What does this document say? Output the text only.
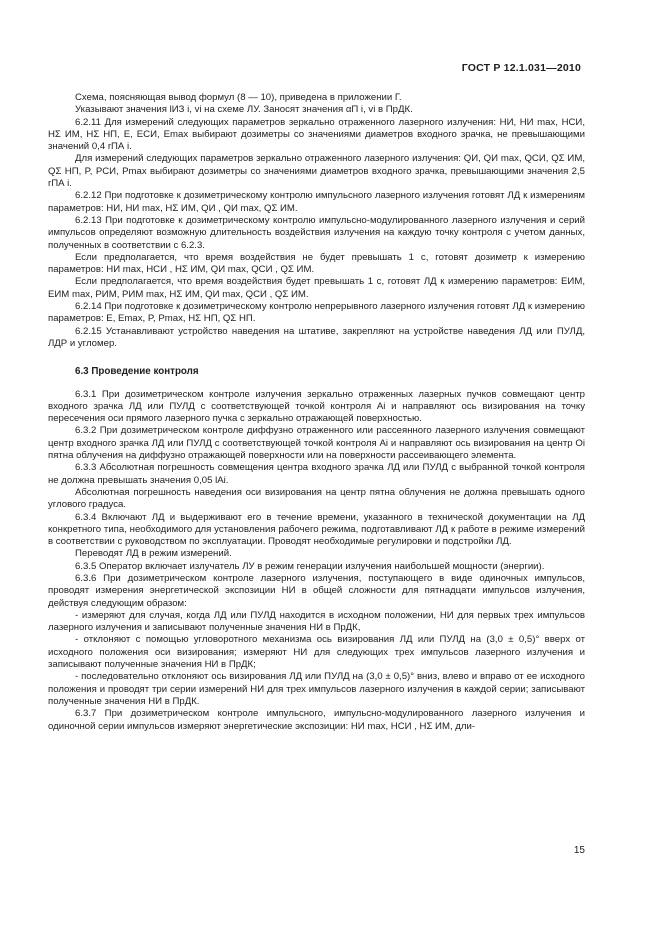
ГОСТ Р 12.1.031—2010

Схема, поясняющая вывод формул (8 — 10), приведена в приложении Г.

Указывают значения lИЗ i, vi на схеме ЛУ. Заносят значения αП i, vi в ПрДК.

6.2.11 Для измерений следующих параметров зеркально отраженного лазерного излучения: HИ, HИ max, HСИ, HΣ ИМ, HΣ НП, E, EСИ, Emax выбирают дозиметры со значениями диаметров входного зрачка, не превышающими значений 0,4 rПА i.

Для измерений следующих параметров зеркально отраженного лазерного излучения: QИ, QИ max, QСИ, QΣ ИМ, QΣ НП, P, PСИ, Pmax выбирают дозиметры со значениями диаметров входного зрачка, превышающими значения 2,5 rПА i.

6.2.12 При подготовке к дозиметрическому контролю импульсного лазерного излучения готовят ЛД к измерениям параметров: HИ, HИ max, HΣ ИМ, QИ , QИ max, QΣ ИМ.

6.2.13 При подготовке к дозиметрическому контролю импульсно-модулированного лазерного излучения и серий импульсов определяют возможную длительность воздействия излучения на каждую точку контроля с учетом данных, полученных в соответствии с 6.2.3.

Если предполагается, что время воздействия не будет превышать 1 с, готовят дозиметр к измерению параметров: HИ max, HСИ , HΣ ИМ, QИ max, QСИ , QΣ ИМ.

Если предполагается, что время воздействия будет превышать 1 с, готовят ЛД к измерению параметров: EИМ, EИМ max, PИМ, PИМ max, HΣ ИМ, QИ max, QСИ , QΣ ИМ.

6.2.14 При подготовке к дозиметрическому контролю непрерывного лазерного излучения готовят ЛД к измерению параметров: E, Emax, P, Pmax, HΣ НП, QΣ НП.

6.2.15 Устанавливают устройство наведения на штативе, закрепляют на устройстве наведения ЛД или ПУЛД, ЛДР и угломер.

6.3 Проведение контроля

6.3.1 При дозиметрическом контроле излучения зеркально отраженных лазерных пучков совмещают центр входного зрачка ЛД или ПУЛД с соответствующей точкой контроля Ai и направляют ось визирования на точку пересечения оси прямого лазерного пучка с зеркально отражающей поверхностью.

6.3.2 При дозиметрическом контроле диффузно отраженного или рассеянного лазерного излучения совмещают центр входного зрачка ЛД или ПУЛД с соответствующей точкой контроля Ai и направляют ось визирования на центр Oi пятна облучения на диффузно отражающей поверхности или на поверхности рассеивающего элемента.

6.3.3 Абсолютная погрешность совмещения центра входного зрачка ЛД или ПУЛД с выбранной точкой контроля не должна превышать значения 0,05 lAi.

Абсолютная погрешность наведения оси визирования на центр пятна облучения не должна превышать одного углового градуса.

6.3.4 Включают ЛД и выдерживают его в течение времени, указанного в технической документации на ЛД конкретного типа, необходимого для установления рабочего режима, подготавливают ЛД к работе в режиме измерений в соответствии с руководством по эксплуатации. Проводят необходимые регулировки и подстройки ЛД.

Переводят ЛД в режим измерений.

6.3.5 Оператор включает излучатель ЛУ в режим генерации излучения наибольшей мощности (энергии).

6.3.6 При дозиметрическом контроле лазерного излучения, поступающего в виде одиночных импульсов, проводят измерения энергетической экспозиции HИ в общей сложности для пятнадцати импульсов излучения, действуя следующим образом:

- измеряют для случая, когда ЛД или ПУЛД находится в исходном положении, HИ для первых трех импульсов лазерного излучения и записывают полученные значения HИ в ПрДК,

- отклоняют с помощью угловоротного механизма ось визирования ЛД или ПУЛД на (3,0 ± 0,5)° вверх от исходного положения оси визирования; измеряют HИ для следующих трех импульсов лазерного излучения и записывают полученные значения HИ в ПрДК;

- последовательно отклоняют ось визирования ЛД или ПУЛД на (3,0 ± 0,5)° вниз, влево и вправо от ее исходного положения и проводят три серии измерений HИ для трех импульсов лазерного излучения в каждой серии; записывают полученные значения HИ в ПрДК.

6.3.7 При дозиметрическом контроле импульсного, импульсно-модулированного лазерного излучения и одиночной серии импульсов измеряют энергетические экспозиции: HИ max, HСИ , HΣ ИМ, дли-

15
